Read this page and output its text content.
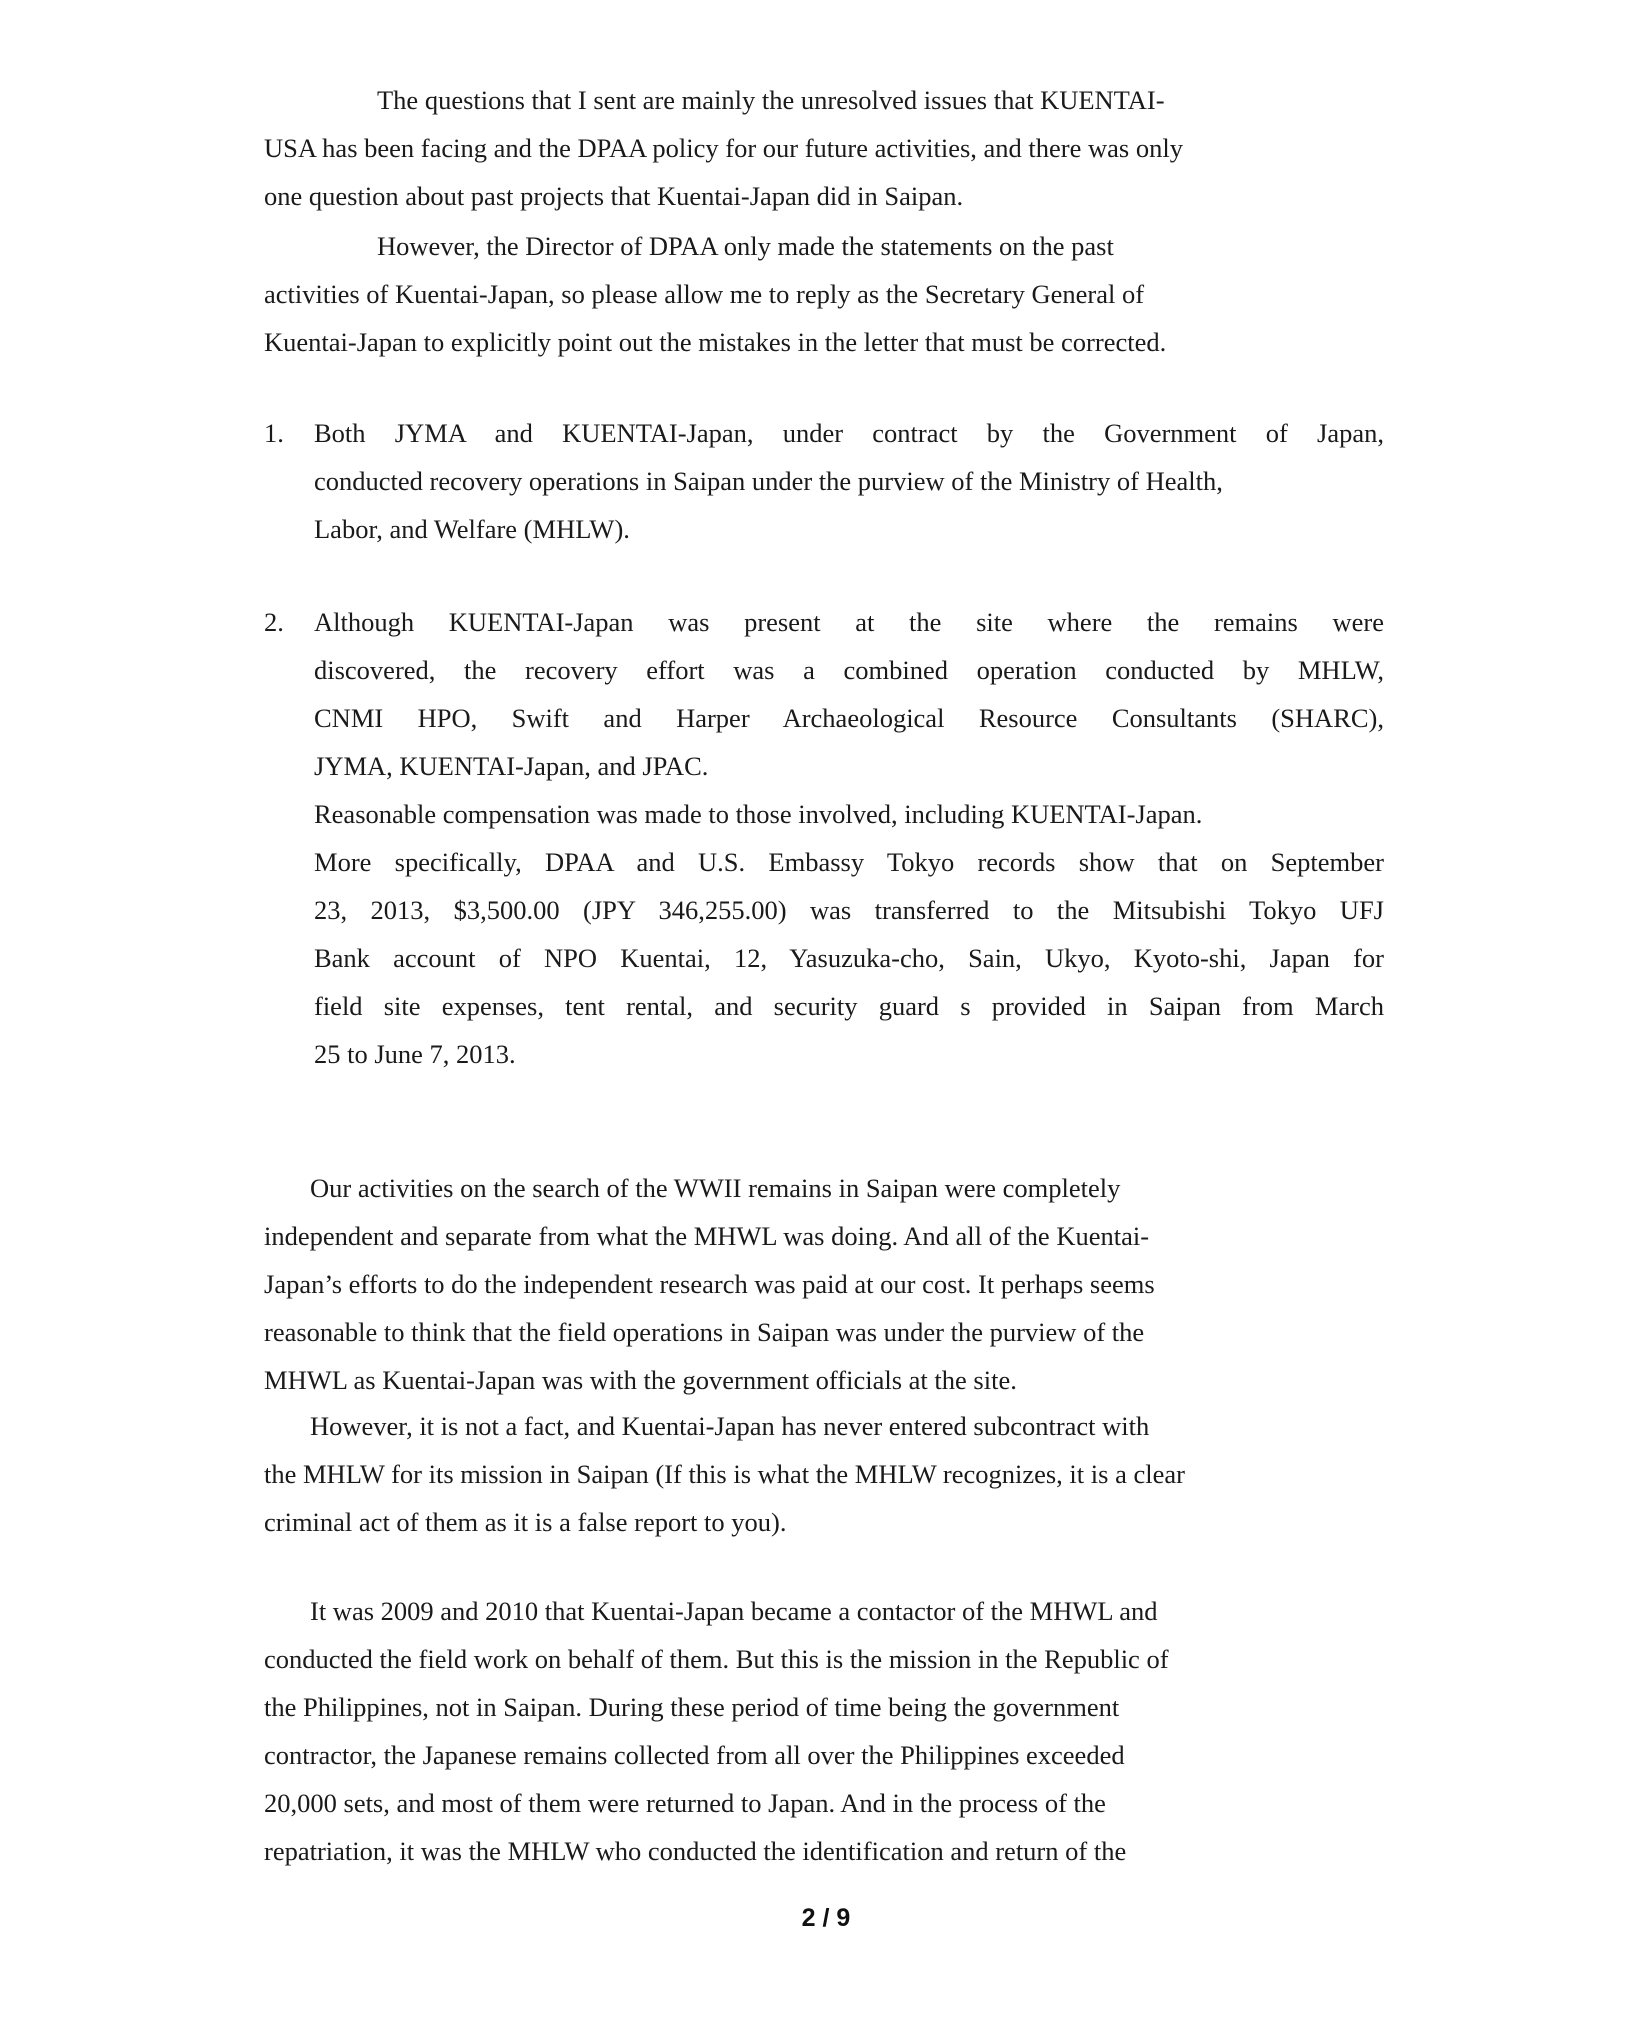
The questions that I sent are mainly the unresolved issues that KUENTAI-
USA has been facing and the DPAA policy for our future activities, and there was only
one question about past projects that Kuentai-Japan did in Saipan.
However, the Director of DPAA only made the statements on the past
activities of Kuentai-Japan, so please allow me to reply as the Secretary General of
Kuentai-Japan to explicitly point out the mistakes in the letter that must be corrected.
1.	Both JYMA and KUENTAI-Japan, under contract by the Government of Japan,
conducted recovery operations in Saipan under the purview of the Ministry of Health,
Labor, and Welfare (MHLW).
2.	Although KUENTAI-Japan was present at the site where the remains were
discovered, the recovery effort was a combined operation conducted by MHLW,
CNMI HPO, Swift and Harper Archaeological Resource Consultants (SHARC),
JYMA, KUENTAI-Japan, and JPAC.
Reasonable compensation was made to those involved, including KUENTAI-Japan.
More specifically, DPAA and U.S. Embassy Tokyo records show that on September
23, 2013, $3,500.00 (JPY 346,255.00) was transferred to the Mitsubishi Tokyo UFJ
Bank account of NPO Kuentai, 12, Yasuzuka-cho, Sain, Ukyo, Kyoto-shi, Japan for
field site expenses, tent rental, and security guard s provided in Saipan from March
25 to June 7, 2013.
Our activities on the search of the WWII remains in Saipan were completely
independent and separate from what the MHWL was doing. And all of the Kuentai-
Japan’s efforts to do the independent research was paid at our cost. It perhaps seems
reasonable to think that the field operations in Saipan was under the purview of the
MHWL as Kuentai-Japan was with the government officials at the site.
However, it is not a fact, and Kuentai-Japan has never entered subcontract with
the MHLW for its mission in Saipan (If this is what the MHLW recognizes, it is a clear
criminal act of them as it is a false report to you).
It was 2009 and 2010 that Kuentai-Japan became a contactor of the MHWL and
conducted the field work on behalf of them. But this is the mission in the Republic of
the Philippines, not in Saipan. During these period of time being the government
contractor, the Japanese remains collected from all over the Philippines exceeded
20,000 sets, and most of them were returned to Japan. And in the process of the
repatriation, it was the MHLW who conducted the identification and return of the
2 / 9
